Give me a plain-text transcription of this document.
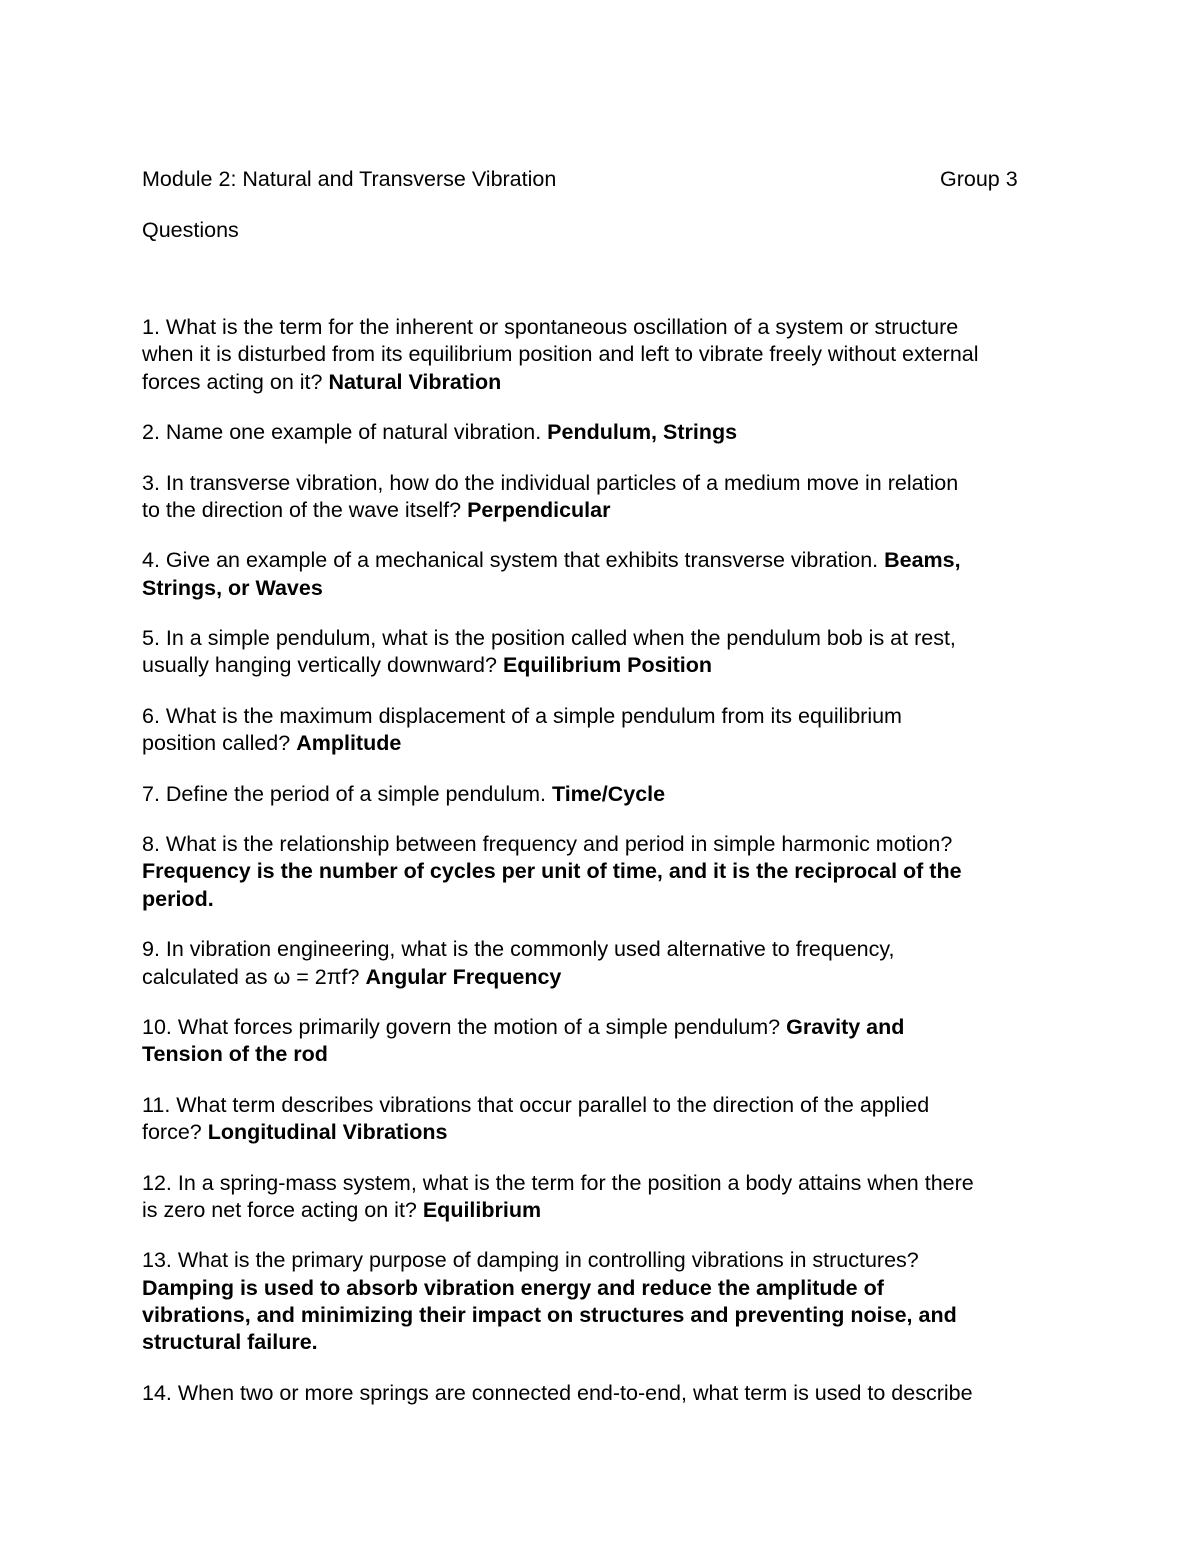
Module 2: Natural and Transverse Vibration	Group 3
Questions

1. What is the term for the inherent or spontaneous oscillation of a system or structure
when it is disturbed from its equilibrium position and left to vibrate freely without external
forces acting on it? Natural Vibration

2. Name one example of natural vibration. Pendulum, Strings

3. In transverse vibration, how do the individual particles of a medium move in relation
to the direction of the wave itself? Perpendicular

4. Give an example of a mechanical system that exhibits transverse vibration. Beams,
Strings, or Waves

5. In a simple pendulum, what is the position called when the pendulum bob is at rest,
usually hanging vertically downward? Equilibrium Position

6. What is the maximum displacement of a simple pendulum from its equilibrium
position called? Amplitude

7. Define the period of a simple pendulum. Time/Cycle

8. What is the relationship between frequency and period in simple harmonic motion?
Frequency is the number of cycles per unit of time, and it is the reciprocal of the
period.

9. In vibration engineering, what is the commonly used alternative to frequency,
calculated as ω = 2πf? Angular Frequency

10. What forces primarily govern the motion of a simple pendulum? Gravity and
Tension of the rod

11. What term describes vibrations that occur parallel to the direction of the applied
force? Longitudinal Vibrations

12. In a spring-mass system, what is the term for the position a body attains when there
is zero net force acting on it? Equilibrium

13. What is the primary purpose of damping in controlling vibrations in structures?
Damping is used to absorb vibration energy and reduce the amplitude of
vibrations, and minimizing their impact on structures and preventing noise, and
structural failure.

14. When two or more springs are connected end-to-end, what term is used to describe
